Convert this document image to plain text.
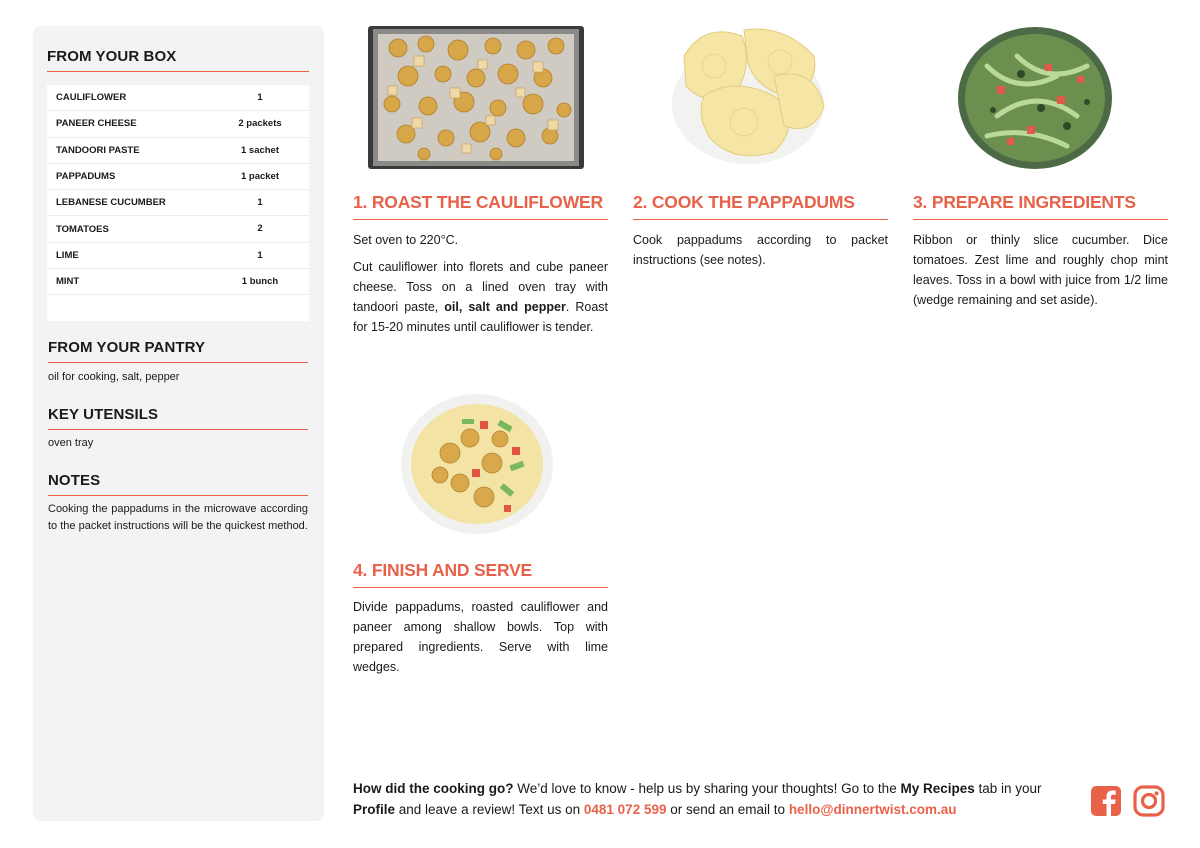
FROM YOUR BOX
CAULIFLOWER	1
PANEER CHEESE	2 packets
TANDOORI PASTE	1 sachet
PAPPADUMS	1 packet
LEBANESE CUCUMBER	1
TOMATOES	2
LIME	1
MINT	1 bunch
FROM YOUR PANTRY
oil for cooking, salt, pepper
KEY UTENSILS
oven tray
NOTES
Cooking the pappadums in the microwave according to the packet instructions will be the quickest method.
1. ROAST THE CAULIFLOWER

Set oven to 220°C.

Cut cauliflower into florets and cube paneer cheese. Toss on a lined oven tray with tandoori paste, oil, salt and pepper. Roast for 15-20 minutes until cauliflower is tender.

2. COOK THE PAPPADUMS

Cook pappadums according to packet instructions (see notes).

3. PREPARE INGREDIENTS

Ribbon or thinly slice cucumber. Dice tomatoes. Zest lime and roughly chop mint leaves. Toss in a bowl with juice from 1/2 lime (wedge remaining and set aside).

4. FINISH AND SERVE

Divide pappadums, roasted cauliflower and paneer among shallow bowls. Top with prepared ingredients. Serve with lime wedges.

How did the cooking go? We’d love to know - help us by sharing your thoughts! Go to the My Recipes tab in your Profile and leave a review! Text us on 0481 072 599 or send an email to hello@dinnertwist.com.au
